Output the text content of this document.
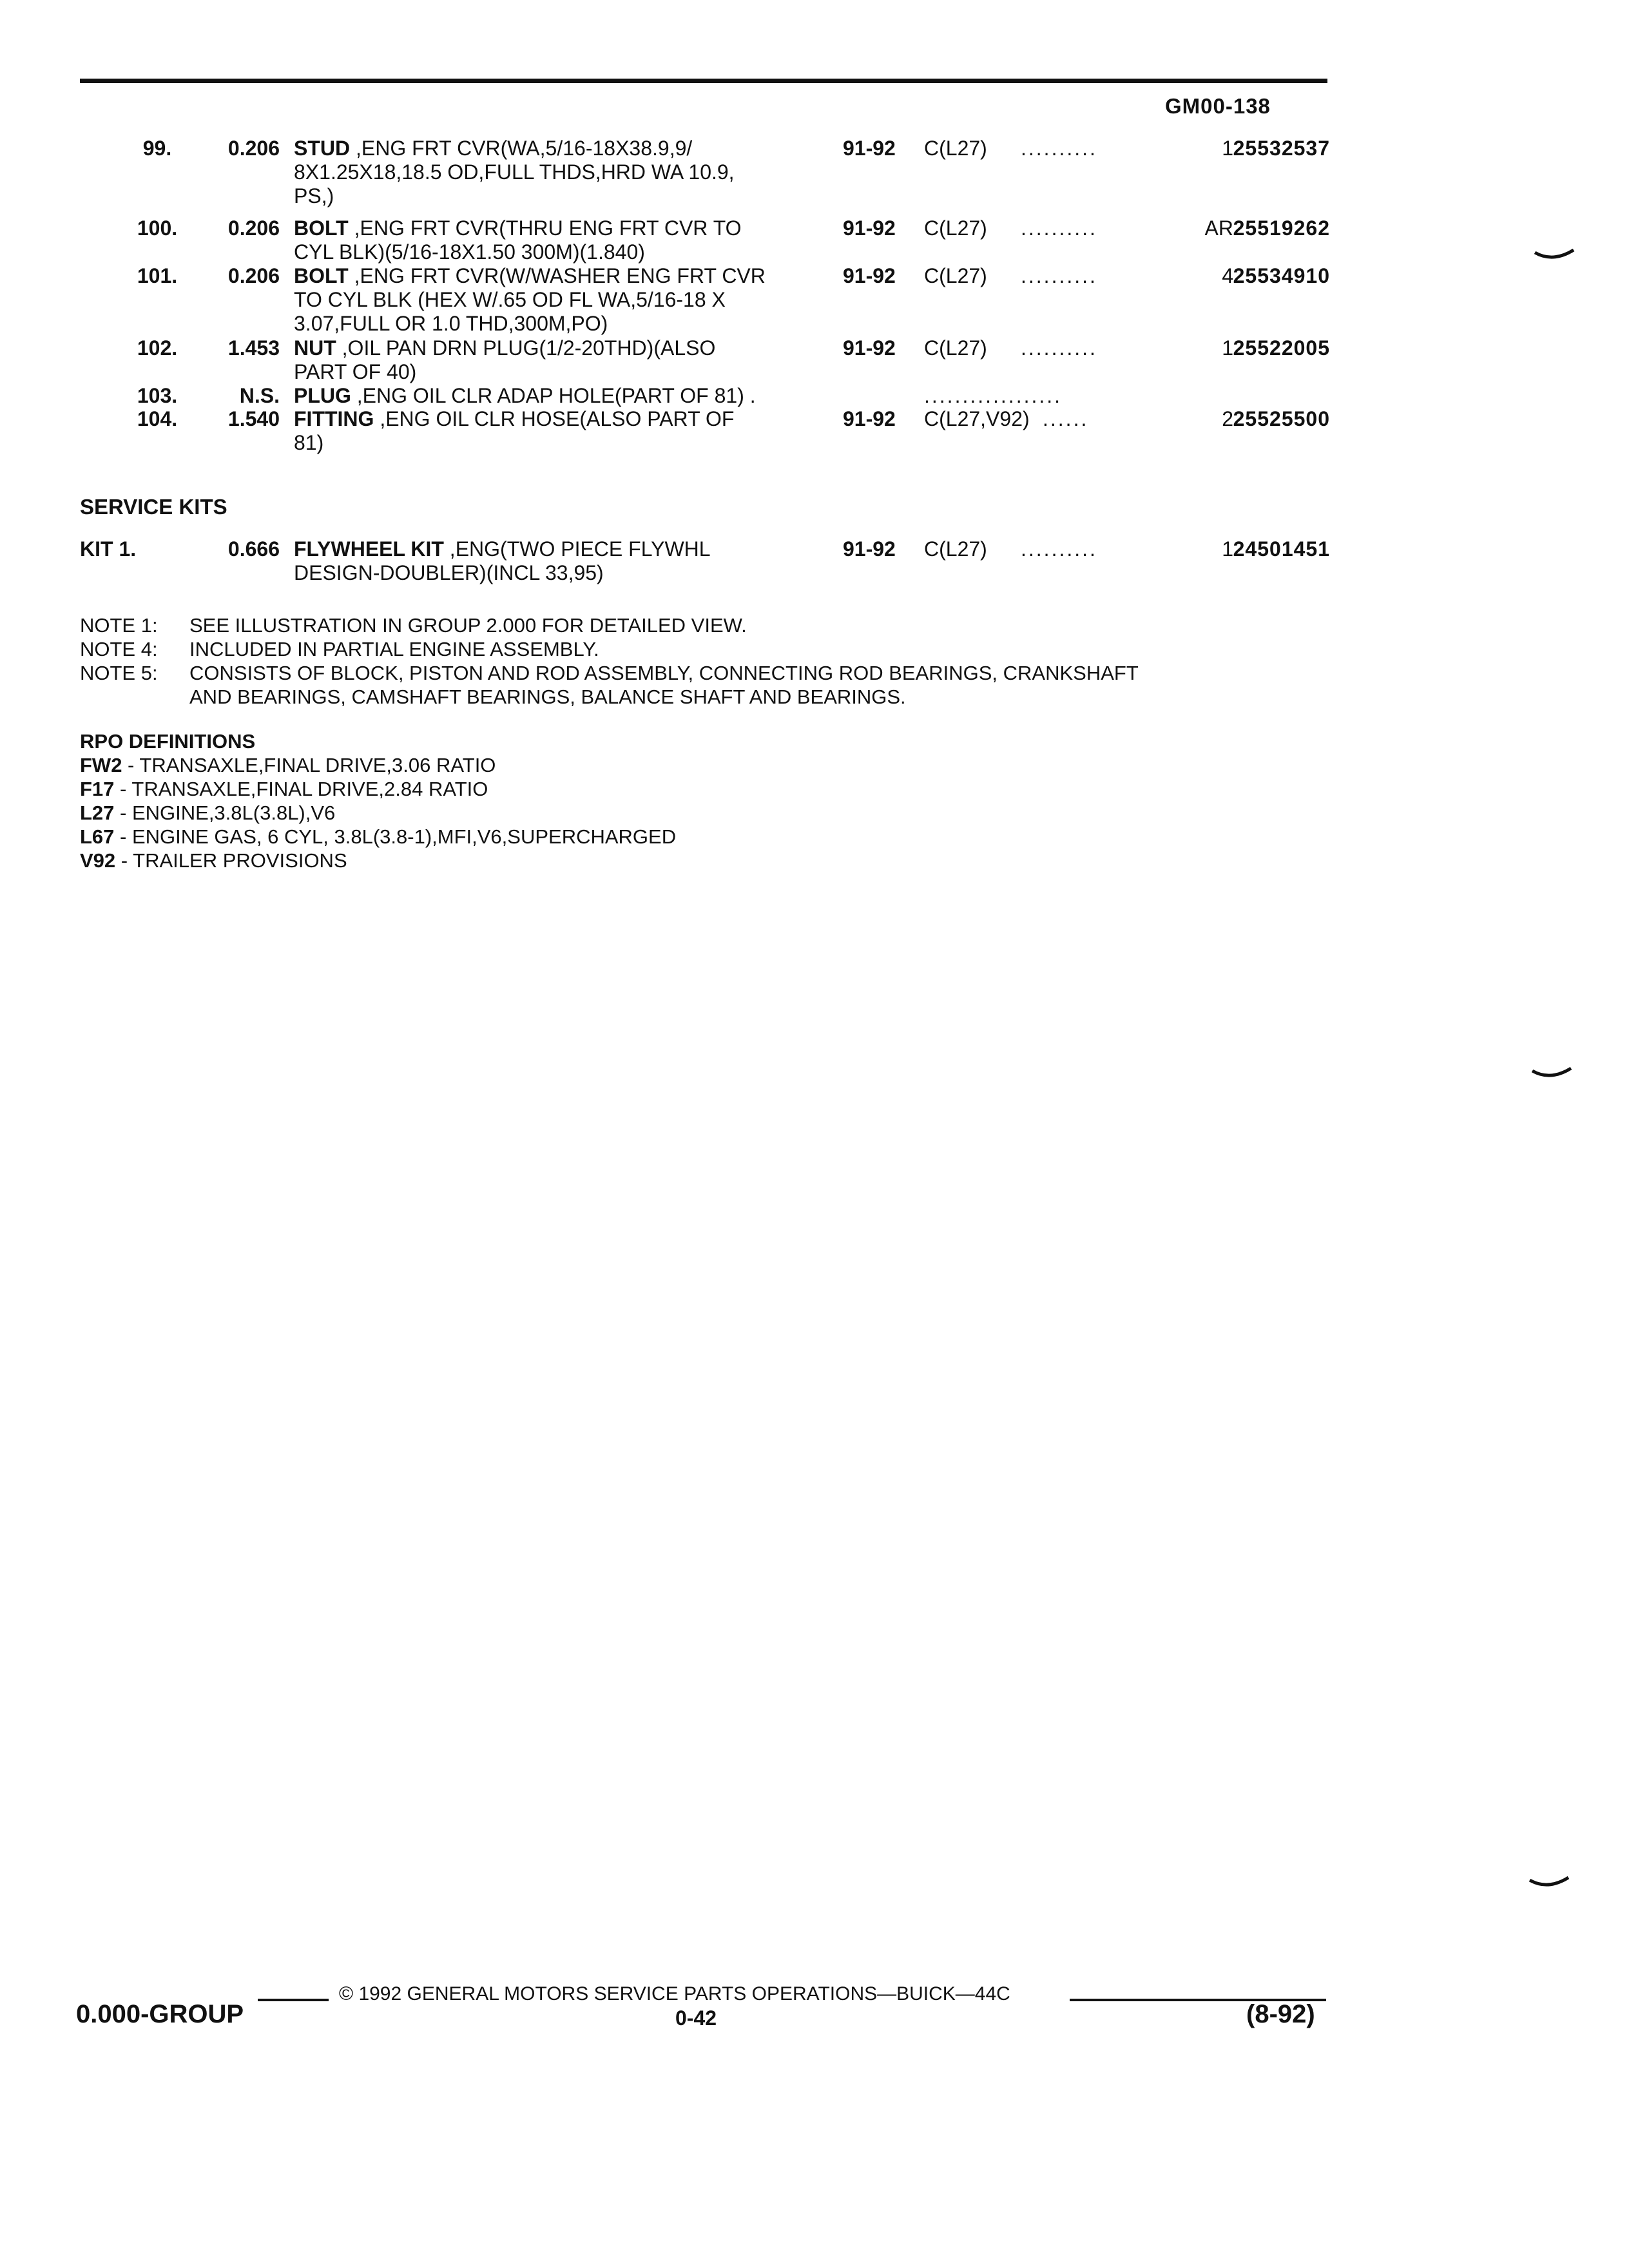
GM00-138
99.	0.206 STUD ,ENG FRT CVR(WA,5/16-18X38.9,9/
8X1.25X18,18.5 OD,FULL THDS,HRD WA 10.9,
PS,)
91-92	C(L27)	..........	1 25532537
100.	0.206 BOLT ,ENG FRT CVR(THRU ENG FRT CVR TO
CYL BLK)(5/16-18X1.50 300M)(1.840)
91-92	C(L27)	..........	AR 25519262
101.	0.206 BOLT ,ENG FRT CVR(W/WASHER ENG FRT CVR
TO CYL BLK (HEX W/.65 OD FL WA,5/16-18 X
3.07,FULL OR 1.0 THD,300M,PO)
91-92	C(L27)	..........	4 25534910
102.	1.453 NUT ,OIL PAN DRN PLUG(1/2-20THD)(ALSO
PART OF 40)
91-92	C(L27)	..........	1 25522005
103.	N.S. PLUG ,ENG OIL CLR ADAP HOLE(PART OF 81) .	..................
104.	1.540 FITTING ,ENG OIL CLR HOSE(ALSO PART OF
81)
91-92	C(L27,V92) ......	2 25525500
SERVICE KITS
KIT 1.	0.666 FLYWHEEL KIT ,ENG(TWO PIECE FLYWHL
DESIGN-DOUBLER)(INCL 33,95)
91-92	C(L27)	..........	1 24501451
NOTE 1:	SEE ILLUSTRATION IN GROUP 2.000 FOR DETAILED VIEW.
NOTE 4:	INCLUDED IN PARTIAL ENGINE ASSEMBLY.
NOTE 5:	CONSISTS OF BLOCK, PISTON AND ROD ASSEMBLY, CONNECTING ROD BEARINGS, CRANKSHAFT
AND BEARINGS, CAMSHAFT BEARINGS, BALANCE SHAFT AND BEARINGS.
RPO DEFINITIONS
FW2 - TRANSAXLE,FINAL DRIVE,3.06 RATIO
F17 - TRANSAXLE,FINAL DRIVE,2.84 RATIO
L27 - ENGINE,3.8L(3.8L),V6
L67 - ENGINE GAS, 6 CYL, 3.8L(3.8-1),MFI,V6,SUPERCHARGED
V92 - TRAILER PROVISIONS
© 1992 GENERAL MOTORS SERVICE PARTS OPERATIONS—BUICK—44C
0.000-GROUP	0-42	(8-92)
